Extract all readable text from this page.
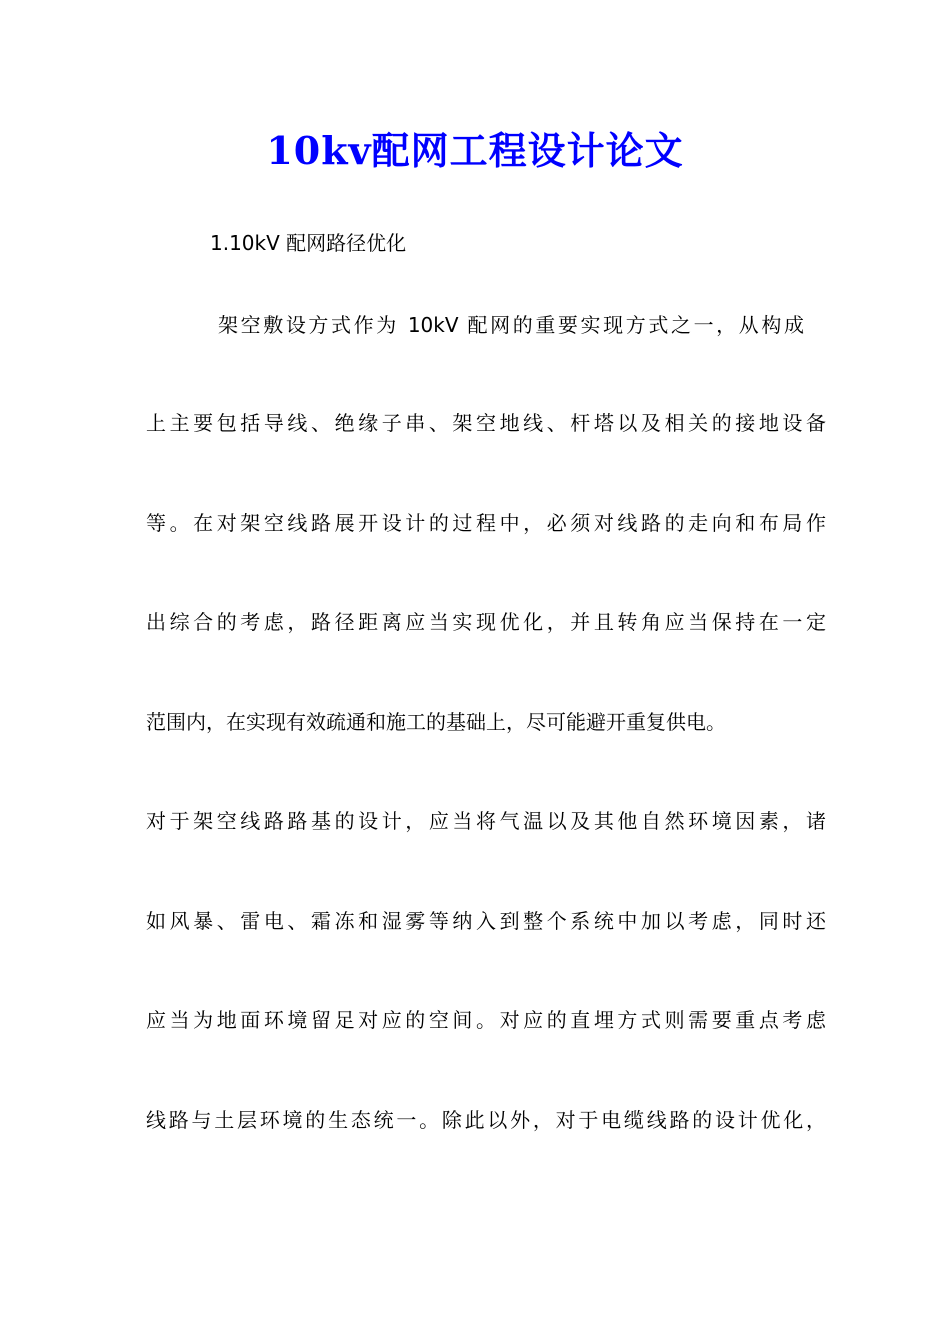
10kv配网工程设计论文
1.10kV 配网路径优化

架空敷设方式作为 10kV 配网的重要实现方式之一，从构成

上主要包括导线、绝缘子串、架空地线、杆塔以及相关的接地设备

等。在对架空线路展开设计的过程中，必须对线路的走向和布局作

出综合的考虑，路径距离应当实现优化，并且转角应当保持在一定

范围内，在实现有效疏通和施工的基础上，尽可能避开重复供电。

对于架空线路路基的设计，应当将气温以及其他自然环境因素，诸

如风暴、雷电、霜冻和湿雾等纳入到整个系统中加以考虑，同时还

应当为地面环境留足对应的空间。对应的直埋方式则需要重点考虑

线路与土层环境的生态统一。除此以外，对于电缆线路的设计优化，
